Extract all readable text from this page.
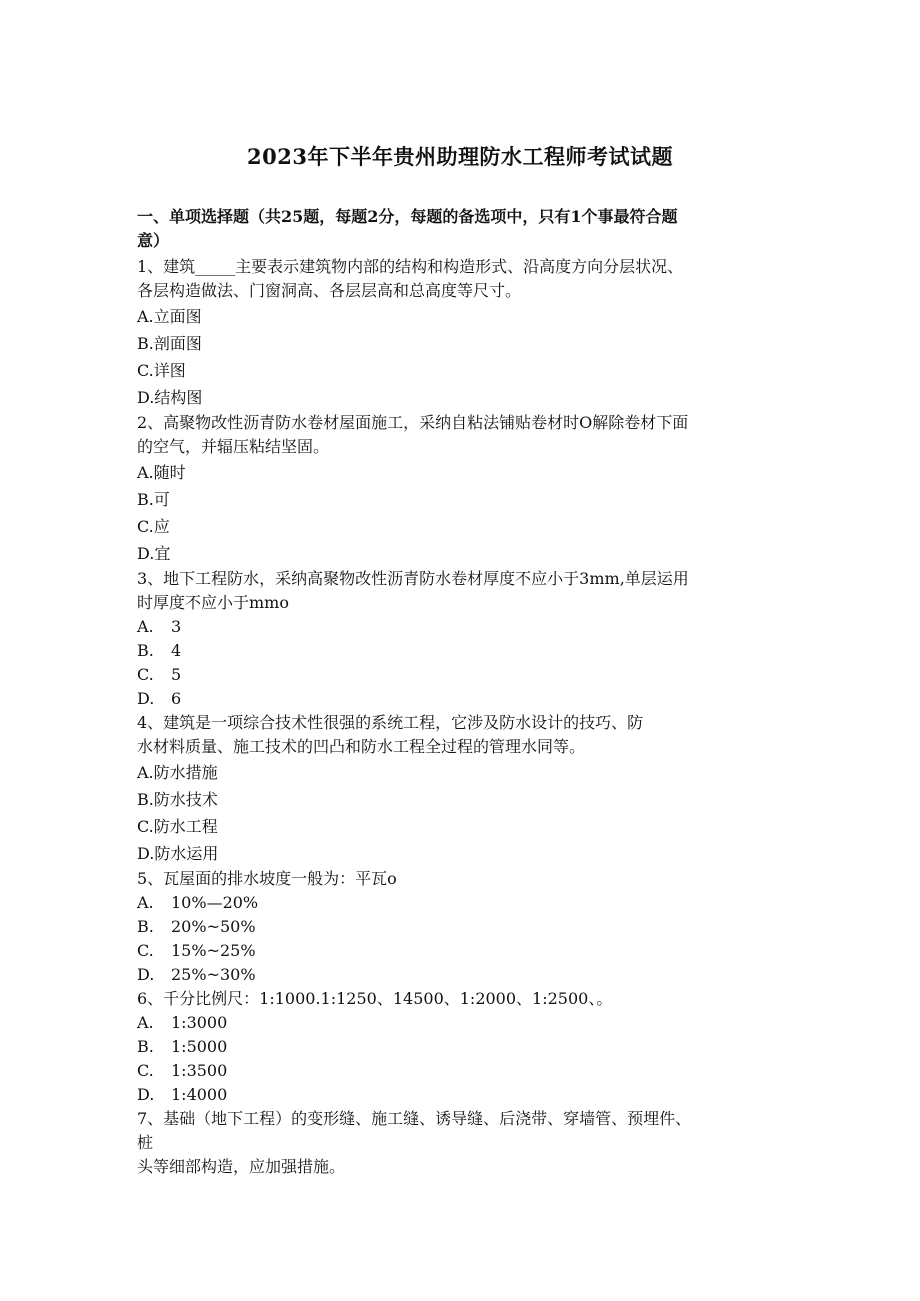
2023年下半年贵州助理防水工程师考试试题
一、单项选择题（共25题，每题2分，每题的备选项中，只有1个事最符合题
意）

1、建筑_____主要表示建筑物内部的结构和构造形式、沿高度方向分层状况、
各层构造做法、门窗洞高、各层层高和总高度等尺寸。

A.立面图
B.剖面图
C.详图
D.结构图

2、高聚物改性沥青防水卷材屋面施工，采纳自粘法铺贴卷材时O解除卷材下面
的空气，并辐压粘结坚固。

A.随时
B.可
C.应
D.宜

3、地下工程防水，采纳高聚物改性沥青防水卷材厚度不应小于3mm,单层运用
时厚度不应小于mmo

A. 3
B. 4
C. 5
D. 6

4、建筑是一项综合技术性很强的系统工程，它涉及防水设计的技巧、防
水材料质量、施工技术的凹凸和防水工程全过程的管理水同等。

A.防水措施
B.防水技术
C.防水工程
D.防水运用

5、瓦屋面的排水坡度一般为：平瓦o

A. 10%—20%
B. 20%~50%
C. 15%~25%
D. 25%~30%

6、千分比例尺：1:1000.1:1250、14500、1:2000、1:2500、。

A. 1:3000
B. 1:5000
C. 1:3500
D. 1:4000

7、基础（地下工程）的变形缝、施工缝、诱导缝、后浇带、穿墙管、预埋件、
桩
头等细部构造，应加强措施。
